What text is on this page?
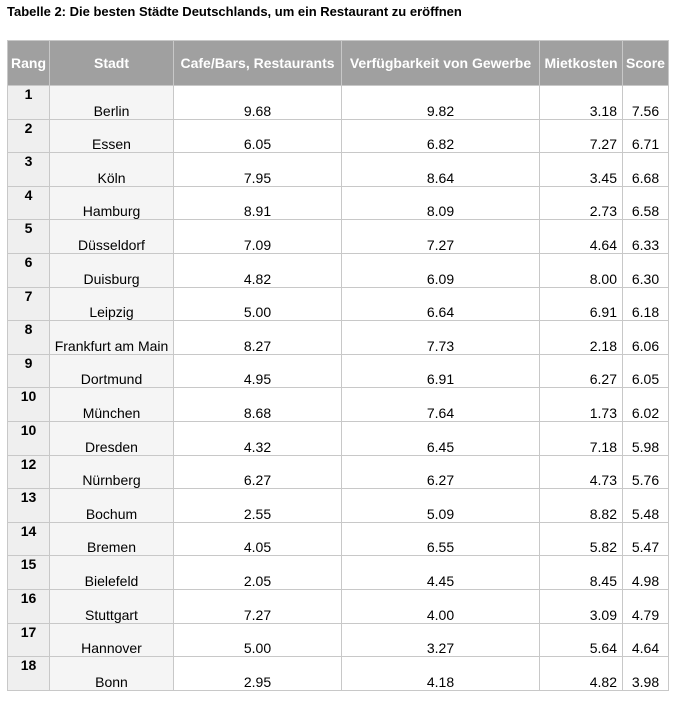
Tabelle 2: Die besten Städte Deutschlands, um ein Restaurant zu eröffnen
Rang	Stadt	Cafe/Bars, Restaurants	Verfügbarkeit von Gewerbe	Mietkosten	Score
1	Berlin	9.68	9.82	3.18	7.56
2	Essen	6.05	6.82	7.27	6.71
3	Köln	7.95	8.64	3.45	6.68
4	Hamburg	8.91	8.09	2.73	6.58
5	Düsseldorf	7.09	7.27	4.64	6.33
6	Duisburg	4.82	6.09	8.00	6.30
7	Leipzig	5.00	6.64	6.91	6.18
8	Frankfurt am Main	8.27	7.73	2.18	6.06
9	Dortmund	4.95	6.91	6.27	6.05
10	München	8.68	7.64	1.73	6.02
10	Dresden	4.32	6.45	7.18	5.98
12	Nürnberg	6.27	6.27	4.73	5.76
13	Bochum	2.55	5.09	8.82	5.48
14	Bremen	4.05	6.55	5.82	5.47
15	Bielefeld	2.05	4.45	8.45	4.98
16	Stuttgart	7.27	4.00	3.09	4.79
17	Hannover	5.00	3.27	5.64	4.64
18	Bonn	2.95	4.18	4.82	3.98
